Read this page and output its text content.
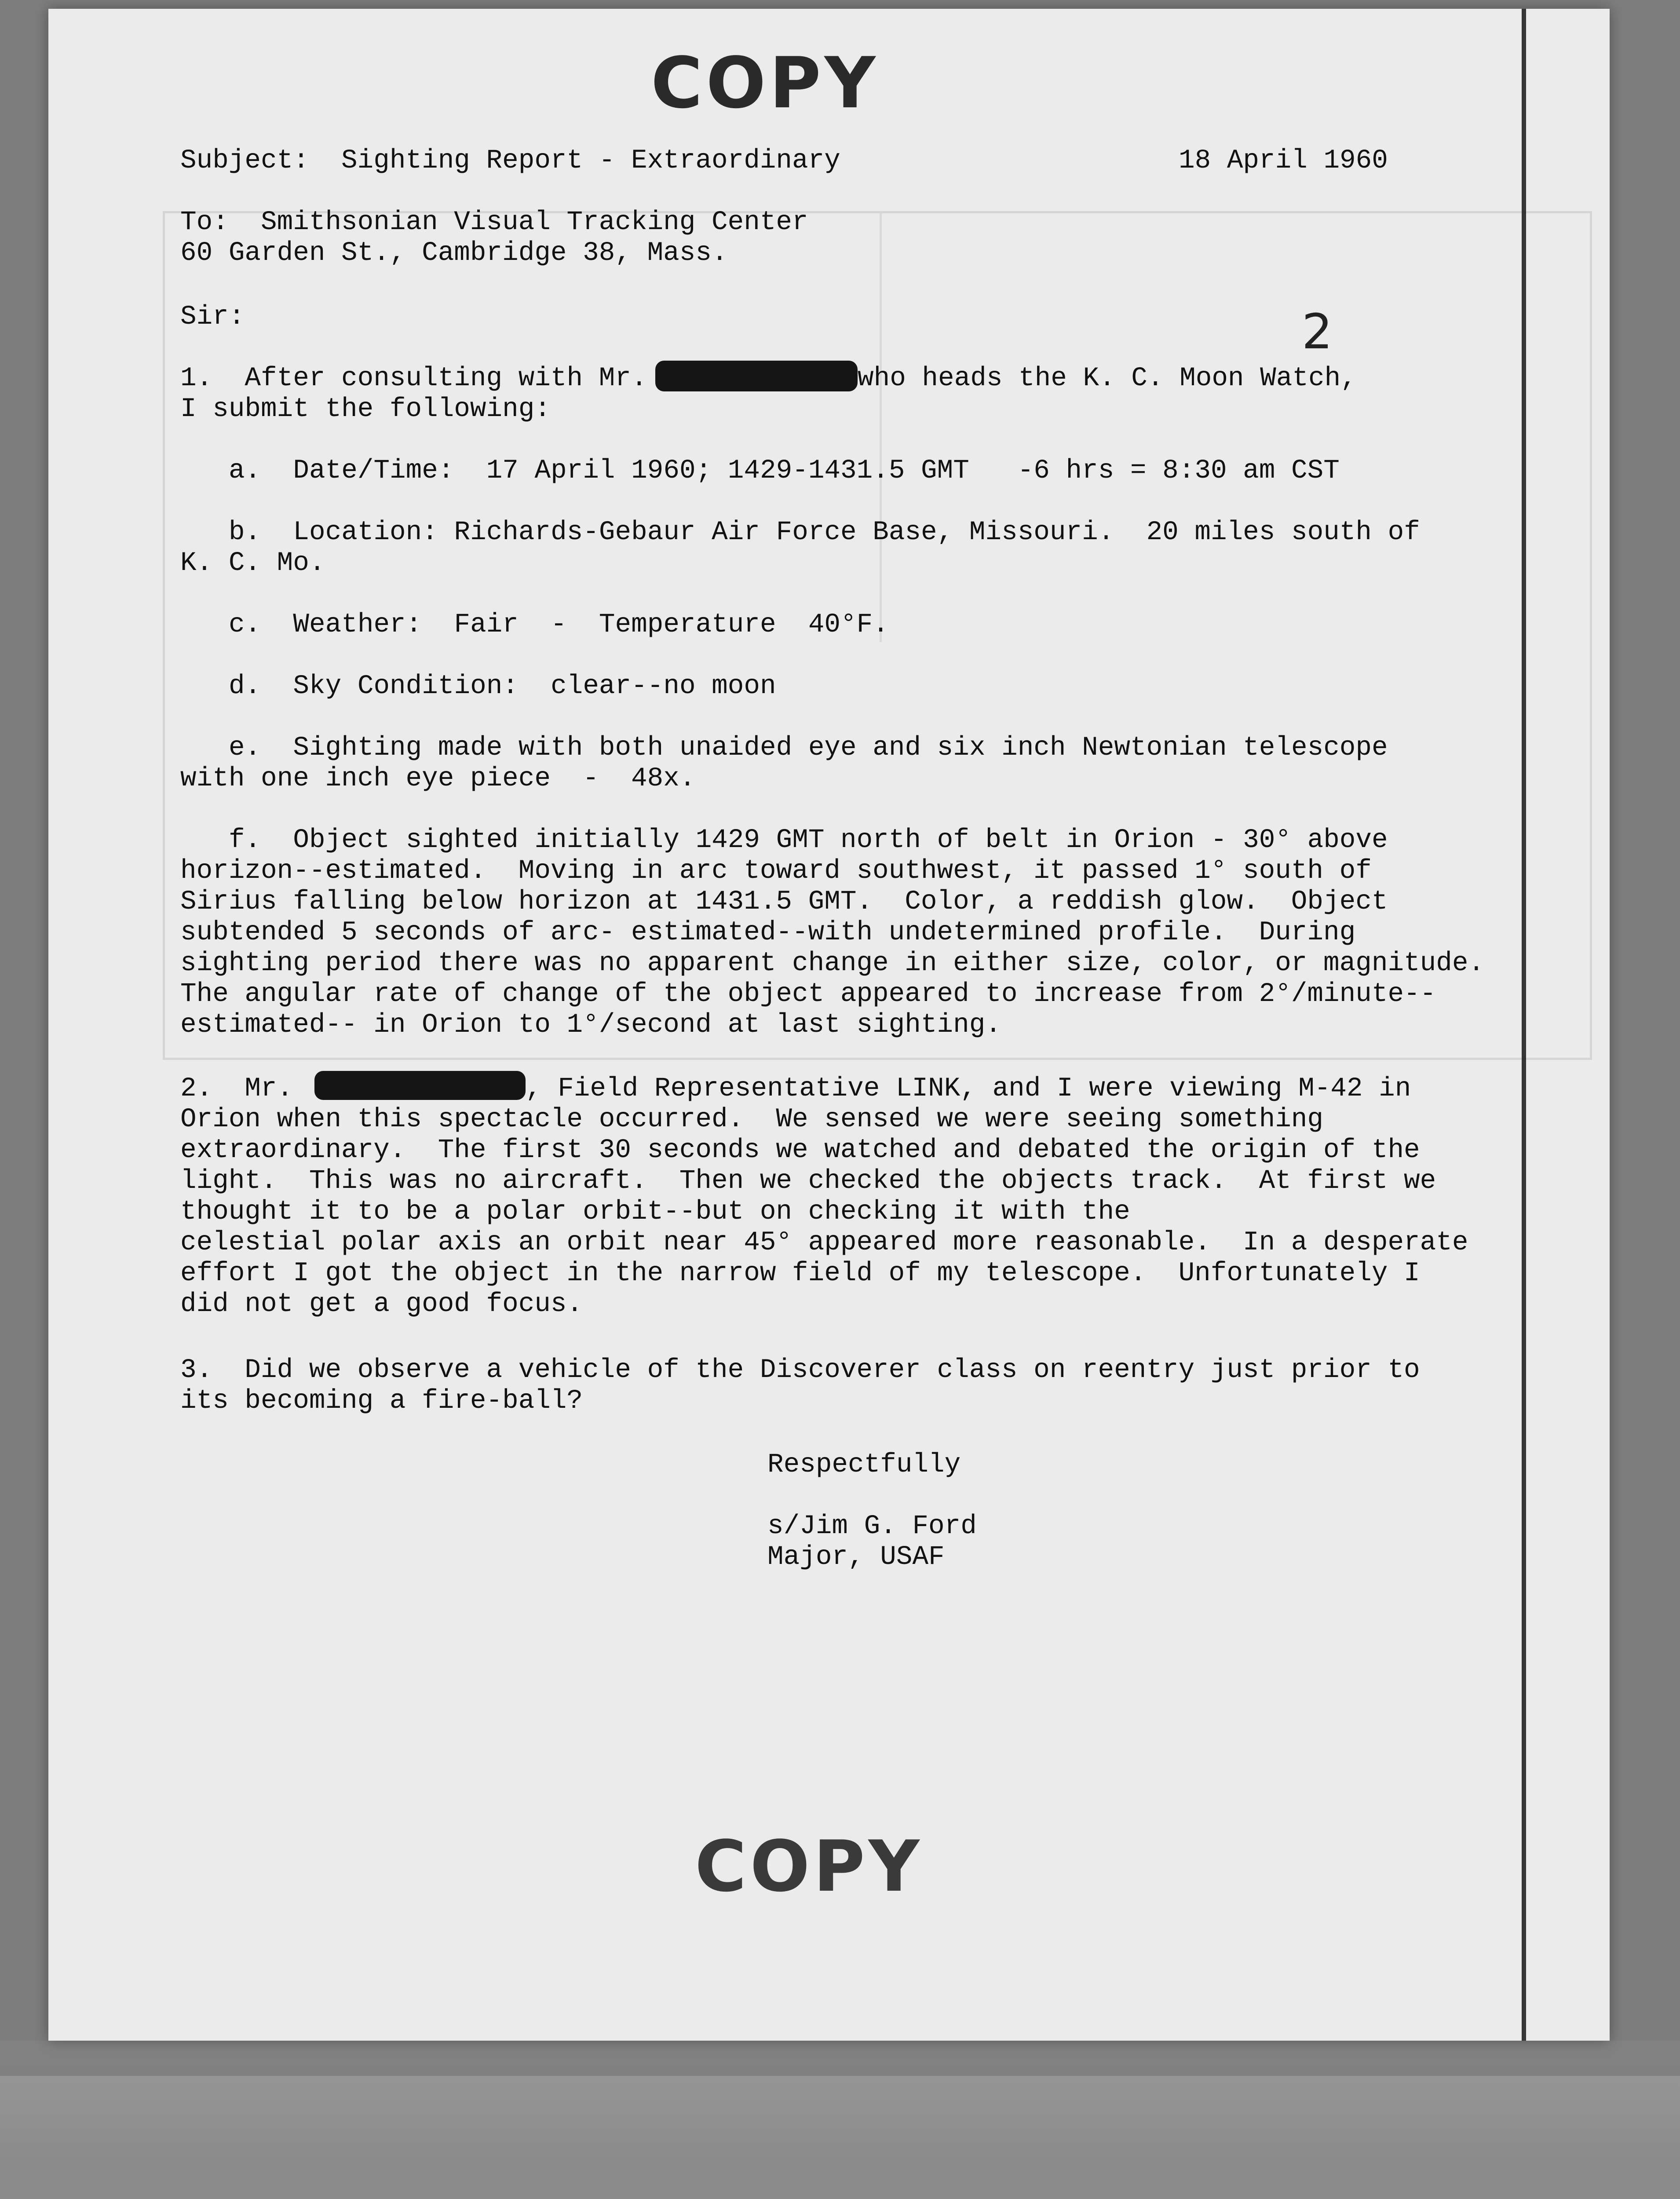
COPY
Subject:  Sighting Report - Extraordinary	18 April 1960
To:  Smithsonian Visual Tracking Center
60 Garden St., Cambridge 38, Mass.
Sir:	2
1.  After consulting with Mr.	who heads the K. C. Moon Watch,
I submit the following:
a.  Date/Time:  17 April 1960; 1429-1431.5 GMT   -6 hrs = 8:30 am CST
b.  Location: Richards-Gebaur Air Force Base, Missouri.  20 miles south of
K. C. Mo.
c.  Weather:  Fair  -  Temperature  40°F.
d.  Sky Condition:  clear--no moon
e.  Sighting made with both unaided eye and six inch Newtonian telescope
with one inch eye piece  -  48x.
f.  Object sighted initially 1429 GMT north of belt in Orion - 30° above
horizon--estimated.  Moving in arc toward southwest, it passed 1° south of
Sirius falling below horizon at 1431.5 GMT.  Color, a reddish glow.  Object
subtended 5 seconds of arc- estimated--with undetermined profile.  During
sighting period there was no apparent change in either size, color, or magnitude.
The angular rate of change of the object appeared to increase from 2°/minute--
estimated-- in Orion to 1°/second at last sighting.
2.  Mr.	, Field Representative LINK, and I were viewing M-42 in
Orion when this spectacle occurred.  We sensed we were seeing something
extraordinary.  The first 30 seconds we watched and debated the origin of the
light.  This was no aircraft.  Then we checked the objects track.  At first we
thought it to be a polar orbit--but on checking it with the
celestial polar axis an orbit near 45° appeared more reasonable.  In a desperate
effort I got the object in the narrow field of my telescope.  Unfortunately I
did not get a good focus.
3.  Did we observe a vehicle of the Discoverer class on reentry just prior to
its becoming a fire-ball?
Respectfully
s/Jim G. Ford
Major, USAF
COPY
